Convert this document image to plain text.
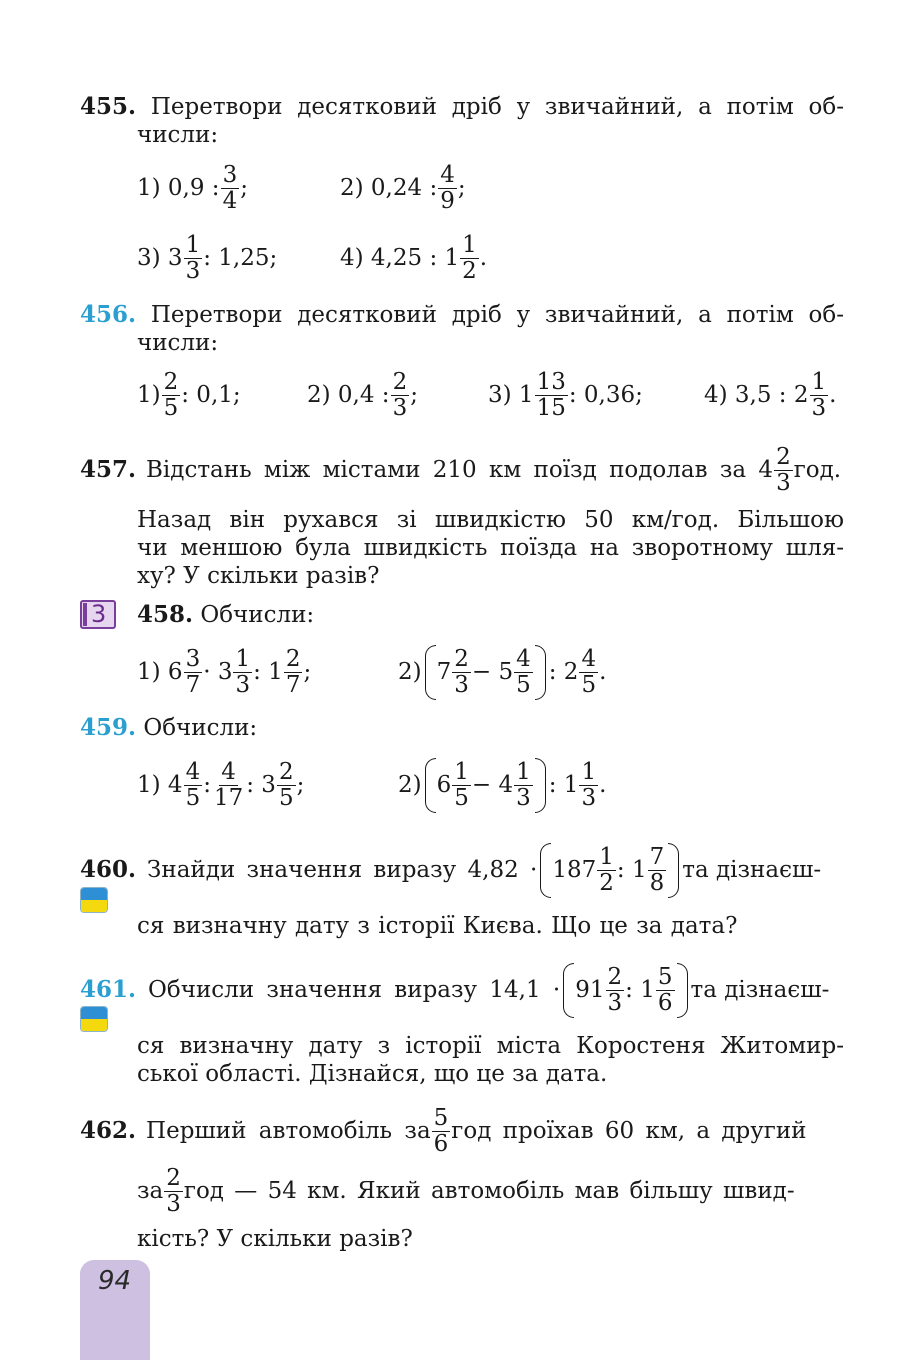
455. Перетвори десятковий дріб у звичайний, а потім об-
числи:
1) 0,9 : $\frac{3}{4}$ ;	2) 0,24 : $\frac{4}{9}$ ;
3) $3 \frac{1}{3}$ : 1,25;	4) 4,25 : $1 \frac{1}{2}$ .
456. Перетвори десятковий дріб у звичайний, а потім об-
числи:
$1) \frac{2}{5}$ : 0,1;	2) 0,4 : $\frac{2}{3}$ ;	3) $1 \frac{13}{15}$ : 0,36;	4) 3,5 : $2 \frac{1}{3}$ .
457. Відстань між містами 210 км поїзд подолав за $4 \frac{2}{3}$ год.
Назад він рухався зі швидкістю 50 км/год. Більшою
чи меншою була швидкість поїзда на зворотному шля-
ху? У скільки разів?
3 458. Обчисли:
1) $6 \frac{3}{7} \cdot 3 \frac{1}{3}$ : $1 \frac{2}{7}$ ;	2) $7 \frac{2}{3} - 5 \frac{4}{5}$ : $2 \frac{4}{5}$ .
459. Обчисли:
1) $4 \frac{4}{5}$ : $\frac{4}{17}$ : $3 \frac{2}{5}$ ;	2) $6 \frac{1}{5} - 4 \frac{1}{3}$ : $1 \frac{1}{3}$ .
460. Знайди значення виразу $4,82 \cdot 187 \frac{1}{2}$ : $1 \frac{7}{8}$ та дізнаєш-
ся визначну дату з історії Києва. Що це за дата?
461. Обчисли значення виразу $14,1 \cdot 91 \frac{2}{3}$ : $1 \frac{5}{6}$ та дізнаєш-
ся визначну дату з історії міста Коростеня Житомир-
ської області. Дізнайся, що це за дата.
462. Перший автомобіль за $\frac{5}{6}$ год проїхав 60 км, а другий
за $\frac{2}{3}$ год — 54 км. Який автомобіль мав більшу швид-
кість? У скільки разів?
94
